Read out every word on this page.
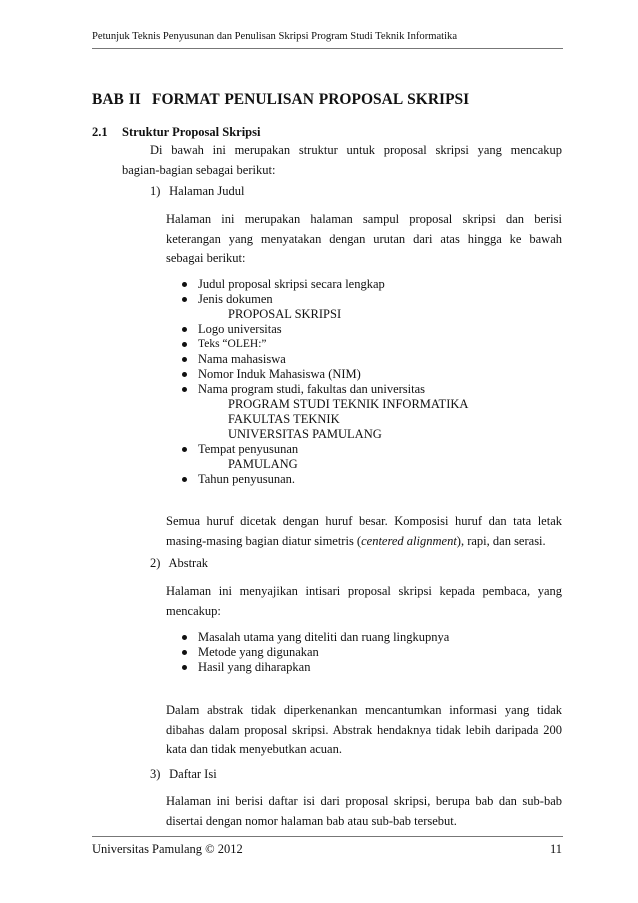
Petunjuk Teknis Penyusunan dan Penulisan Skripsi Program Studi Teknik Informatika
BAB II FORMAT PENULISAN PROPOSAL SKRIPSI
2.1 Struktur Proposal Skripsi
Di bawah ini merupakan struktur untuk proposal skripsi yang mencakup
bagian-bagian sebagai berikut:
1) Halaman Judul
Halaman ini merupakan halaman sampul proposal skripsi dan berisi
keterangan yang menyatakan dengan urutan dari atas hingga ke bawah
sebagai berikut:
Judul proposal skripsi secara lengkap
Jenis dokumen
PROPOSAL SKRIPSI
Logo universitas
Teks “OLEH:”
Nama mahasiswa
Nomor Induk Mahasiswa (NIM)
Nama program studi, fakultas dan universitas
PROGRAM STUDI TEKNIK INFORMATIKA
FAKULTAS TEKNIK
UNIVERSITAS PAMULANG
Tempat penyusunan
PAMULANG
Tahun penyusunan.
Semua huruf dicetak dengan huruf besar. Komposisi huruf dan tata letak
masing-masing bagian diatur simetris (centered alignment), rapi, dan serasi.
2) Abstrak
Halaman ini menyajikan intisari proposal skripsi kepada pembaca, yang
mencakup:
Masalah utama yang diteliti dan ruang lingkupnya
Metode yang digunakan
Hasil yang diharapkan
Dalam abstrak tidak diperkenankan mencantumkan informasi yang tidak
dibahas dalam proposal skripsi. Abstrak hendaknya tidak lebih daripada 200
kata dan tidak menyebutkan acuan.
3) Daftar Isi
Halaman ini berisi daftar isi dari proposal skripsi, berupa bab dan sub-bab
disertai dengan nomor halaman bab atau sub-bab tersebut.
Universitas Pamulang © 2012	11
